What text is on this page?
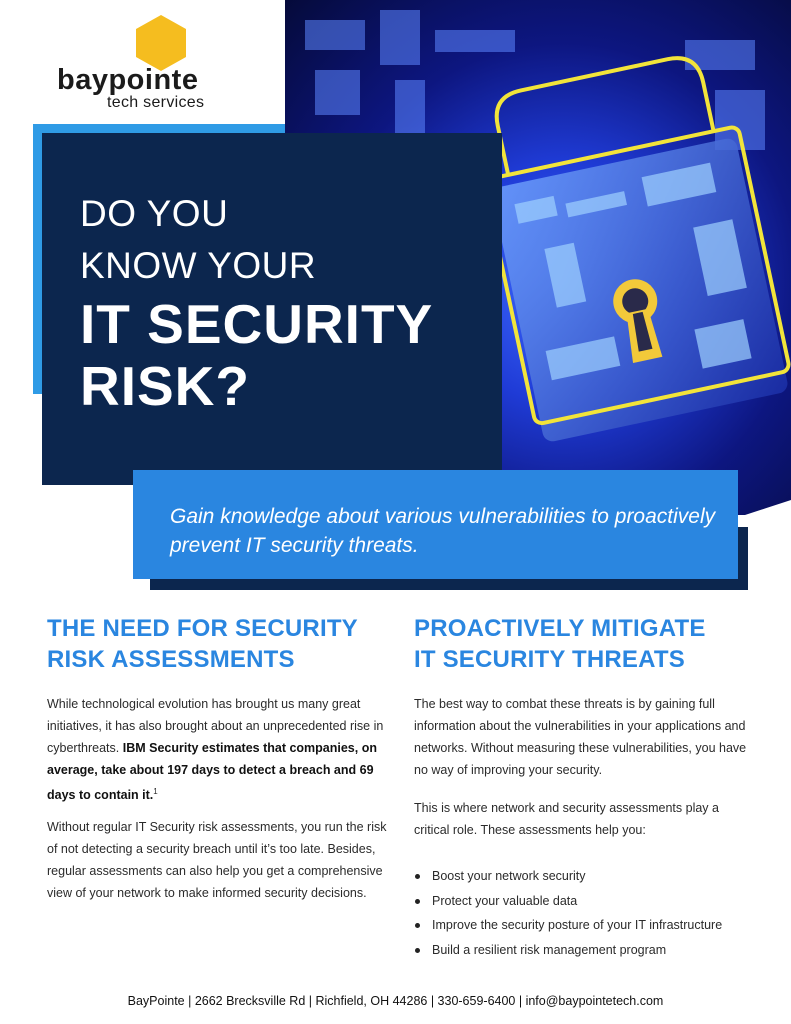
baypointe
tech services
DO YOU
KNOW YOUR
IT SECURITY
RISK?
Gain knowledge about various vulnerabilities to proactively prevent IT security threats.
THE NEED FOR SECURITY
RISK ASSESSMENTS
While technological evolution has brought us many great initiatives, it has also brought about an unprecedented rise in cyberthreats. IBM Security estimates that companies, on average, take about 197 days to detect a breach and 69 days to contain it.$^1$
Without regular IT Security risk assessments, you run the risk of not detecting a security breach until it’s too late. Besides, regular assessments can also help you get a comprehensive view of your network to make informed security decisions.
PROACTIVELY MITIGATE
IT SECURITY THREATS
The best way to combat these threats is by gaining full information about the vulnerabilities in your applications and networks. Without measuring these vulnerabilities, you have no way of improving your security.
This is where network and security assessments play a critical role. These assessments help you:
Boost your network security
Protect your valuable data
Improve the security posture of your IT infrastructure
Build a resilient risk management program
BayPointe | 2662 Brecksville Rd | Richfield, OH 44286 | 330-659-6400 | info@baypointetech.com
